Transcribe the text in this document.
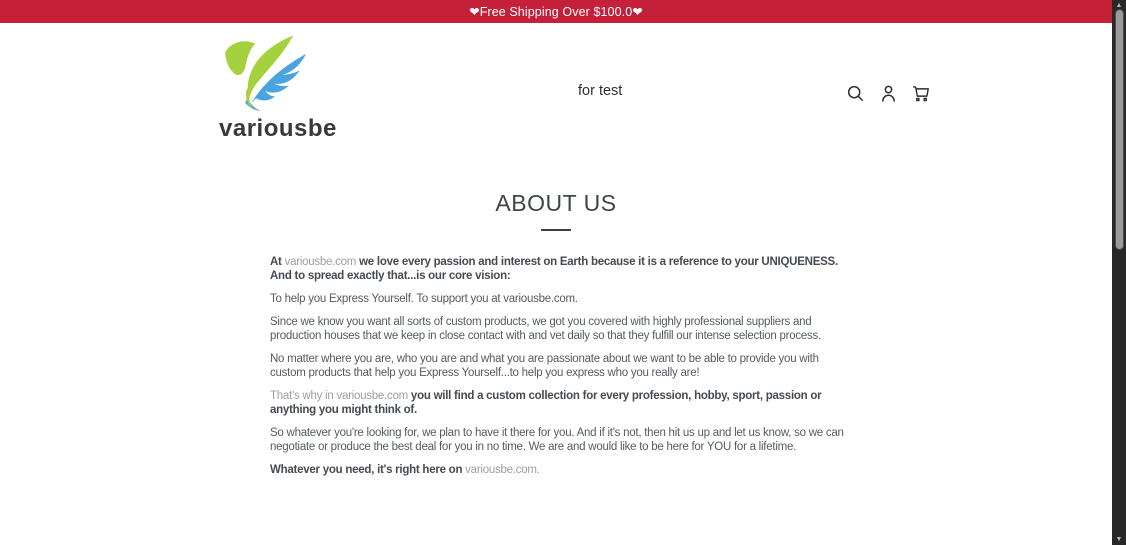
❤Free Shipping Over $100.0❤
variousbe
for test
ABOUT US

At variousbe.com we love every passion and interest on Earth because it is a reference to your UNIQUENESS. And to spread exactly that...is our core vision:

To help you Express Yourself. To support you at variousbe.com.

Since we know you want all sorts of custom products, we got you covered with highly professional suppliers and production houses that we keep in close contact with and vet daily so that they fulfill our intense selection process.

No matter where you are, who you are and what you are passionate about we want to be able to provide you with custom products that help you Express Yourself...to help you express who you really are!

That's why in variousbe.com you will find a custom collection for every profession, hobby, sport, passion or anything you might think of.

So whatever you're looking for, we plan to have it there for you. And if it's not, then hit us up and let us know, so we can negotiate or produce the best deal for you in no time. We are and would like to be here for YOU for a lifetime.

Whatever you need, it's right here on variousbe.com.

▲
▼
